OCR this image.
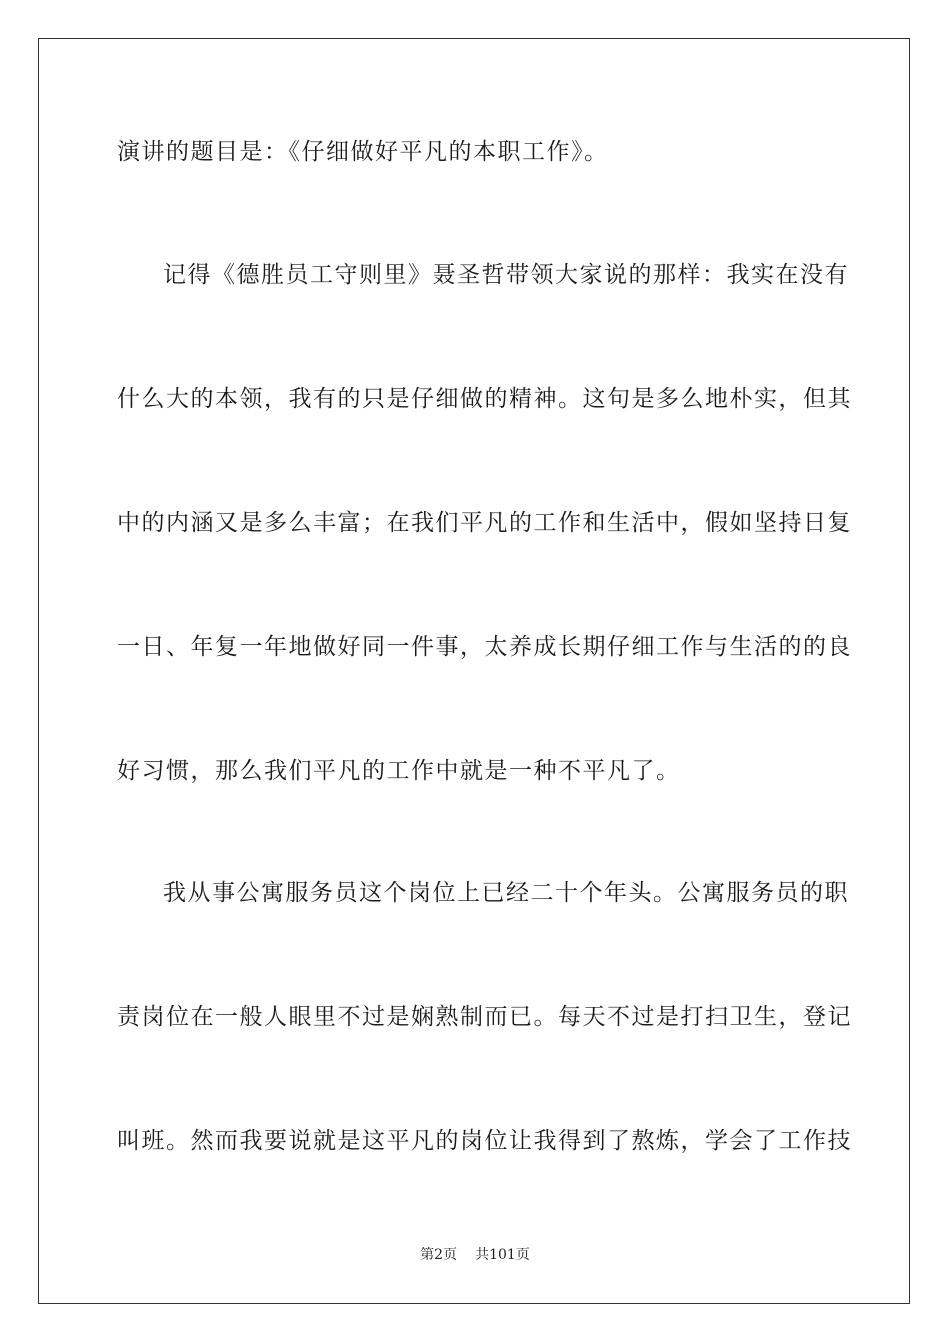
演讲的题目是：《仔细做好平凡的本职工作》。
记得《德胜员工守则里》聂圣哲带领大家说的那样：我实在没有
什么大的本领，我有的只是仔细做的精神。这句是多么地朴实，但其
中的内涵又是多么丰富；在我们平凡的工作和生活中，假如坚持日复
一日、年复一年地做好同一件事，太养成长期仔细工作与生活的的良
好习惯，那么我们平凡的工作中就是一种不平凡了。
我从事公寓服务员这个岗位上已经二十个年头。公寓服务员的职
责岗位在一般人眼里不过是娴熟制而已。每天不过是打扫卫生，登记
叫班。然而我要说就是这平凡的岗位让我得到了熬炼，学会了工作技
第2页 共101页
